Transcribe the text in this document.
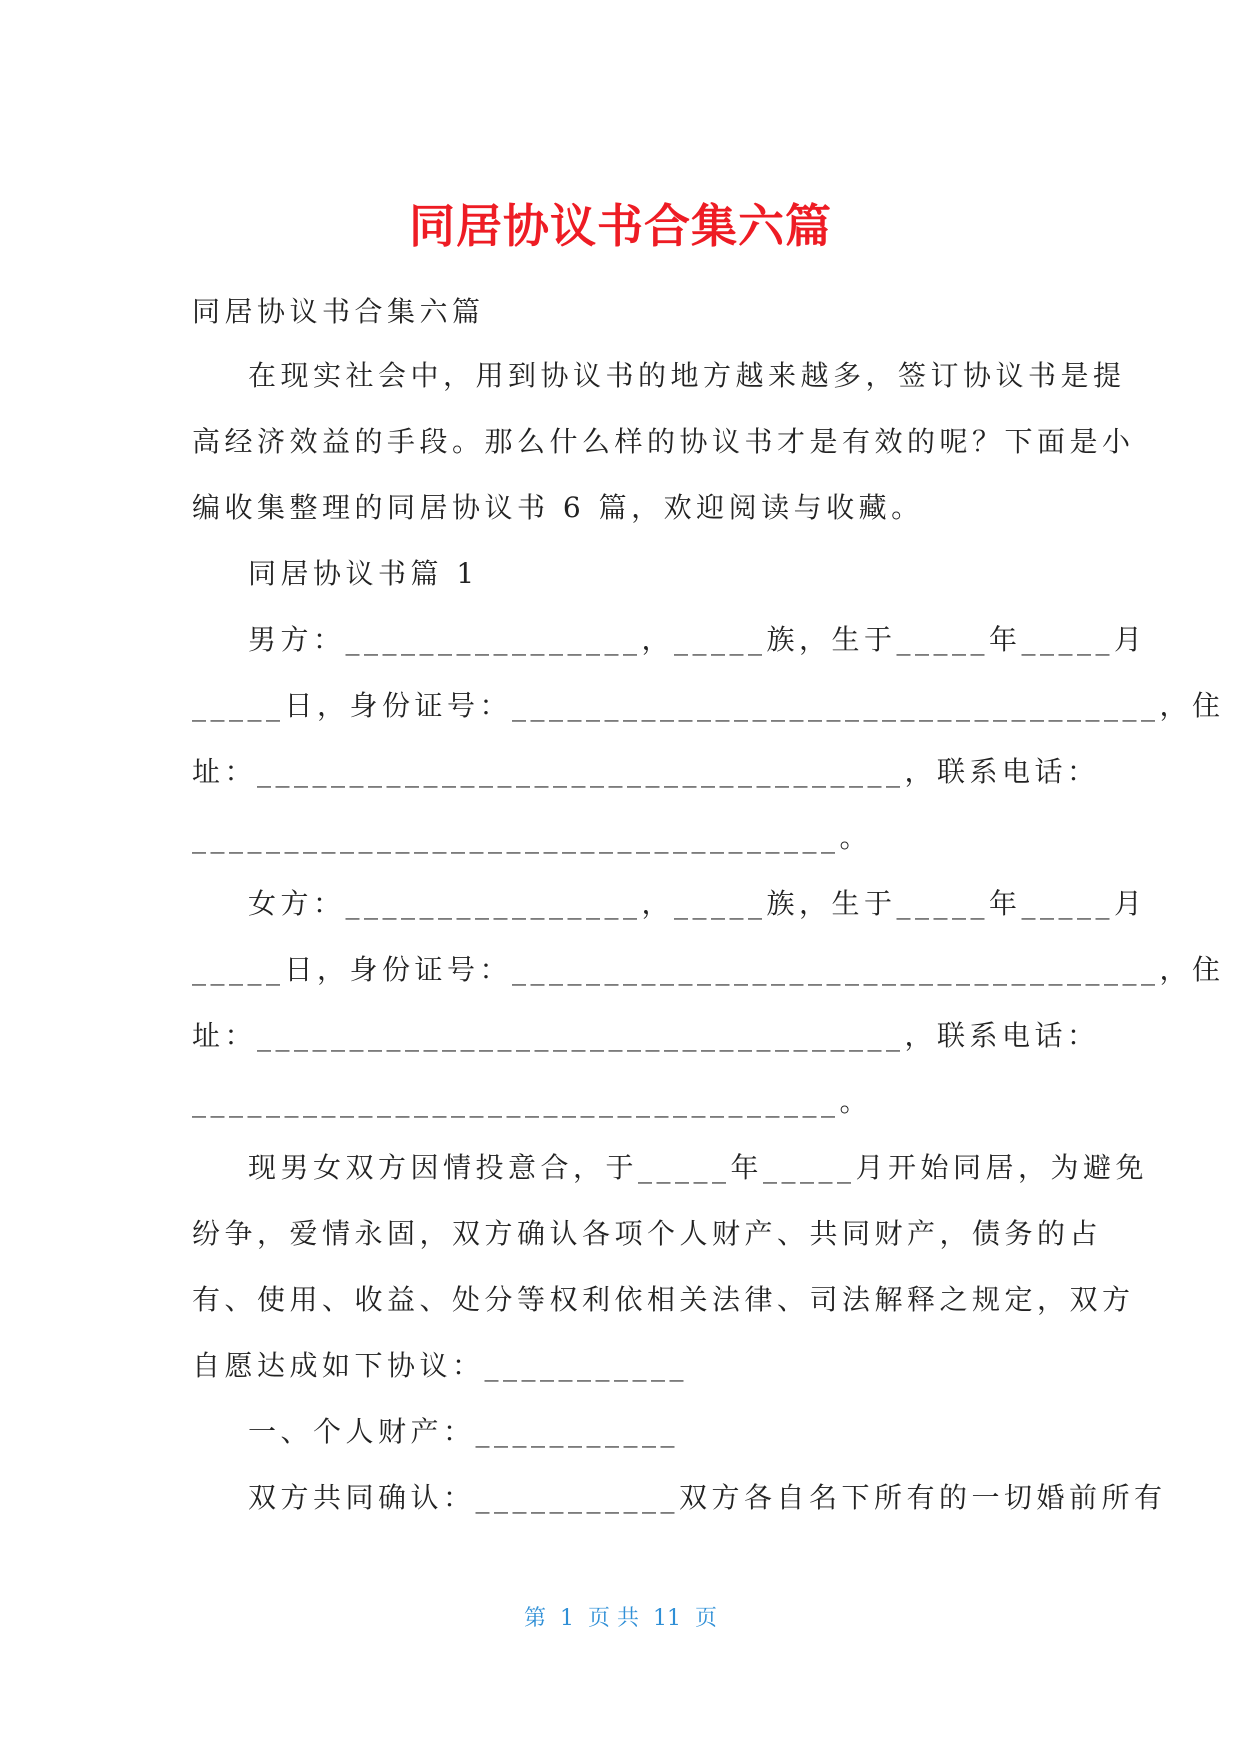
同居协议书合集六篇
同居协议书合集六篇
在现实社会中，用到协议书的地方越来越多，签订协议书是提
高经济效益的手段。那么什么样的协议书才是有效的呢？下面是小
编收集整理的同居协议书 6 篇，欢迎阅读与收藏。
同居协议书篇 1
男方：________________，_____族，生于_____年_____月
_____日，身份证号：___________________________________，住
址：___________________________________，联系电话：
___________________________________。
女方：________________，_____族，生于_____年_____月
_____日，身份证号：___________________________________，住
址：___________________________________，联系电话：
___________________________________。
现男女双方因情投意合，于_____年_____月开始同居，为避免
纷争，爱情永固，双方确认各项个人财产、共同财产，债务的占
有、使用、收益、处分等权利依相关法律、司法解释之规定，双方
自愿达成如下协议：___________
一、个人财产：___________
双方共同确认：___________双方各自名下所有的一切婚前所有
第  1  页 共  11  页
